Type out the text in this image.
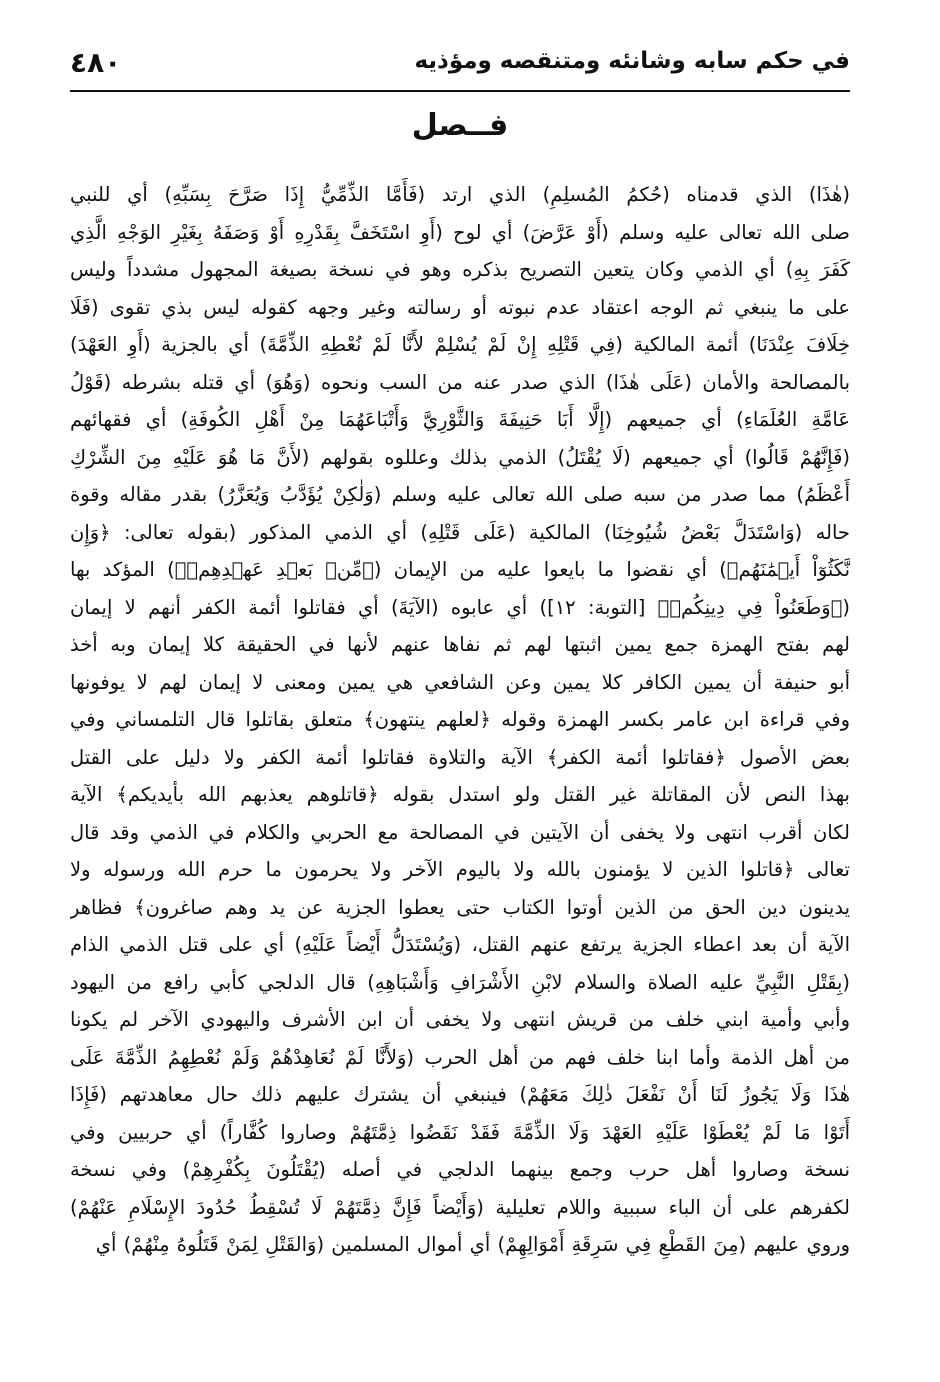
في حكم سابه وشانئه ومتنقصه ومؤذيه
٤٨٠
فــصل
(هٰذَا) الذي قدمناه (حُكمُ المُسلِمِ) الذي ارتد (فَأَمَّا الذِّمِّيُّ إِذَا صَرَّحَ بِسَبِّهِ) أي للنبي
صلى الله تعالى عليه وسلم (أَوْ عَرَّضَ) أي لوح (أَوِ اسْتَخَفَّ بِقَدْرِهِ أَوْ وَصَفَهُ بِغَيْرِ الوَجْهِ الَّذِي
كَفَرَ بِهِ) أي الذمي وكان يتعين التصريح بذكره وهو في نسخة بصيغة المجهول مشدداً وليس
على ما ينبغي ثم الوجه اعتقاد عدم نبوته أو رسالته وغير وجهه كقوله ليس بذي تقوى (فَلَا
خِلَافَ عِنْدَنَا) أئمة المالكية (فِي قَتْلِهِ إِنْ لَمْ يُسْلِمْ لأَنَّا لَمْ نُعْطِهِ الذِّمَّةَ) أي بالجزية (أَوِ العَهْدَ)
بالمصالحة والأمان (عَلَى هٰذَا) الذي صدر عنه من السب ونحوه (وَهُوَ) أي قتله بشرطه (قَوْلُ
عَامَّةِ العُلَمَاءِ) أي جميعهم (إِلَّا أَبَا حَنِيفَةَ وَالثَّوْرِيَّ وَأَتْبَاعَهُمَا مِنْ أَهْلِ الكُوفَةِ) أي فقهائهم
(فَإِنَّهُمْ قَالُوا) أي جميعهم (لَا يُقْتَلُ) الذمي بذلك وعللوه بقولهم (لأَنَّ مَا هُوَ عَلَيْهِ مِنَ الشِّرْكِ
أَعْظَمُ) مما صدر من سبه صلى الله تعالى عليه وسلم (وَلٰكِنْ يُؤَدَّبُ وَيُعَزَّرُ) بقدر مقاله وقوة
حاله (وَاسْتَدَلَّ بَعْضُ شُيُوخِنَا) المالكية (عَلَى قَتْلِهِ) أي الذمي المذكور (بقوله تعالى: ﴿وَإِن
نَّكَثُوٓاْ أَيۡمَٰنَهُم﴾) أي نقضوا ما بايعوا عليه من الإيمان (﴿مِّنۢ بَعۡدِ عَهۡدِهِمۡ﴾) المؤكد بها
(﴿وَطَعَنُواْ فِي دِينِكُمۡ﴾ [التوبة: ١٢]) أي عابوه (الآيَةَ) أي فقاتلوا أئمة الكفر أنهم لا إيمان
لهم بفتح الهمزة جمع يمين اثبتها لهم ثم نفاها عنهم لأنها في الحقيقة كلا إيمان وبه أخذ
أبو حنيفة أن يمين الكافر كلا يمين وعن الشافعي هي يمين ومعنى لا إيمان لهم لا يوفونها
وفي قراءة ابن عامر بكسر الهمزة وقوله ﴿لعلهم ينتهون﴾ متعلق بقاتلوا قال التلمساني وفي
بعض الأصول ﴿فقاتلوا أئمة الكفر﴾ الآية والتلاوة فقاتلوا أئمة الكفر ولا دليل على القتل
بهذا النص لأن المقاتلة غير القتل ولو استدل بقوله ﴿قاتلوهم يعذبهم الله بأيديكم﴾ الآية
لكان أقرب انتهى ولا يخفى أن الآيتين في المصالحة مع الحربي والكلام في الذمي وقد قال
تعالى ﴿قاتلوا الذين لا يؤمنون بالله ولا باليوم الآخر ولا يحرمون ما حرم الله ورسوله ولا
يدينون دين الحق من الذين أوتوا الكتاب حتى يعطوا الجزية عن يد وهم صاغرون﴾ فظاهر
الآية أن بعد اعطاء الجزية يرتفع عنهم القتل، (وَيُسْتَدَلُّ أَيْضاً عَلَيْهِ) أي على قتل الذمي الذام
(بِقَتْلِ النَّبِيِّ عليه الصلاة والسلام لابْنِ الأَشْرَافِ وَأَشْبَاهِهِ) قال الدلجي كأبي رافع من اليهود
وأبي وأمية ابني خلف من قريش انتهى ولا يخفى أن ابن الأشرف واليهودي الآخر لم يكونا
من أهل الذمة وأما ابنا خلف فهم من أهل الحرب (وَلأَنَّا لَمْ نُعَاهِدْهُمْ وَلَمْ نُعْطِهِمُ الذِّمَّةَ عَلَى
هٰذَا وَلَا يَجُوزُ لَنَا أَنْ نَفْعَلَ ذٰلِكَ مَعَهُمْ) فينبغي أن يشترك عليهم ذلك حال معاهدتهم (فَإِذَا
أَتَوْا مَا لَمْ يُعْطَوْا عَلَيْهِ العَهْدَ وَلَا الذِّمَّةَ فَقَدْ نَقَضُوا ذِمَّتَهُمْ وصاروا كُفَّاراً) أي حربيين وفي
نسخة وصاروا أهل حرب وجمع بينهما الدلجي في أصله (يُقْتَلُونَ بِكُفْرِهِمْ) وفي نسخة
لكفرهم على أن الباء سببية واللام تعليلية (وَأَيْضاً فَإِنَّ ذِمَّتَهُمْ لَا تُسْقِطُ حُدُودَ الإِسْلَامِ عَنْهُمْ)
وروي عليهم (مِنَ القَطْعِ فِي سَرِقَةِ أَمْوَالِهِمْ) أي أموال المسلمين (وَالقَتْلِ لِمَنْ قَتَلُوهُ مِنْهُمْ) أي
